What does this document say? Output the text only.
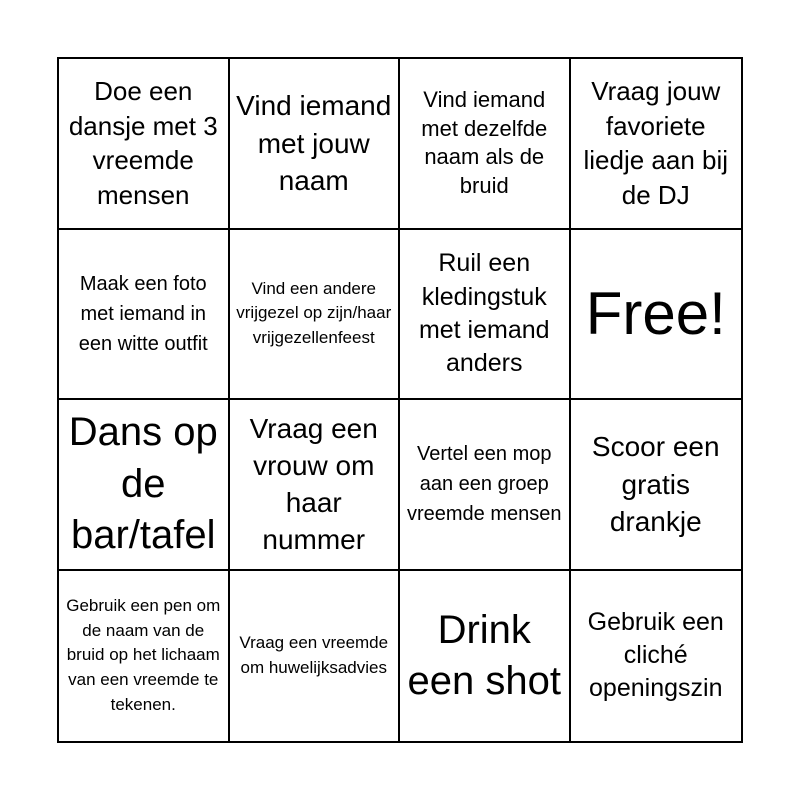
Doe een dansje met 3 vreemde mensen
Vind iemand met jouw naam
Vind iemand met dezelfde naam als de bruid
Vraag jouw favoriete liedje aan bij de DJ
Maak een foto met iemand in een witte outfit
Vind een andere vrijgezel op zijn/haar vrijgezellenfeest
Ruil een kledingstuk met iemand anders
Free!
Dans op de bar/tafel
Vraag een vrouw om haar nummer
Vertel een mop aan een groep vreemde mensen
Scoor een gratis drankje
Gebruik een pen om de naam van de bruid op het lichaam van een vreemde te tekenen.
Vraag een vreemde om huwelijksadvies
Drink een shot
Gebruik een cliché openingszin
